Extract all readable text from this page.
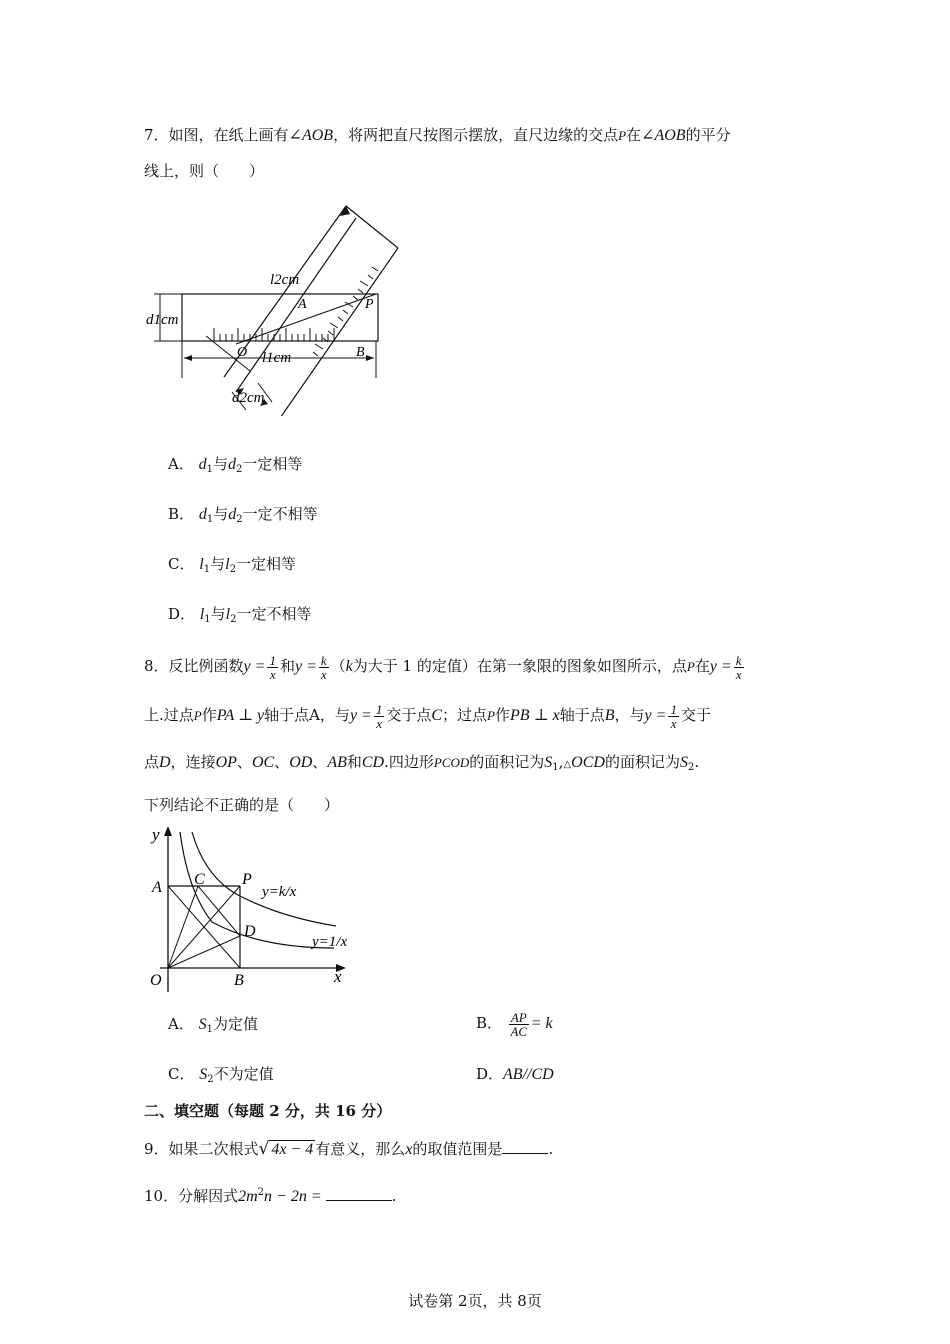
7．如图，在纸上画有∠AOB，将两把直尺按图示摆放，直尺边缘的交点P在∠AOB的平分
线上，则（　　）
l2cm
A	P
d1cm
O l1cm	B
d2cm
A． $d_1$与$d_2$一定相等
B． $d_1$与$d_2$一定不相等
C． $l_1$与$l_2$一定相等
D． $l_1$与$l_2$一定不相等
8．反比例函数$y = \frac{1}{x}$ 和$y = \frac{k}{x} (k$为大于 1 的定值）在第一象限的图象如图所示，点P在$y = \frac{k}{x}$
上.过点P作PA ⊥ y轴于点A，与$y = \frac{1}{x}$ 交于点C；过点P作PB ⊥ x轴于点B，与$y = \frac{1}{x}$ 交于
点D，连接OP、OC、OD、AB和CD.四边形PCOD的面积记为$S_1,\triangle OCD$的面积记为$S_2$.
下列结论不正确的是（　　）
y
A C P
D
O	B	x
y=k/x
y=1/x
A． $S_1$为定值	B． $\frac{AP}{AC} = k$
C． $S_2$不为定值	D．AB//CD
二、填空题（每题 2 分，共 16 分）
9．如果二次根式√ 4x − 4 有意义，那么x的取值范围是	.
10．分解因式$2m^2n - 2n$ =	.
试卷第 2页，共 8页
